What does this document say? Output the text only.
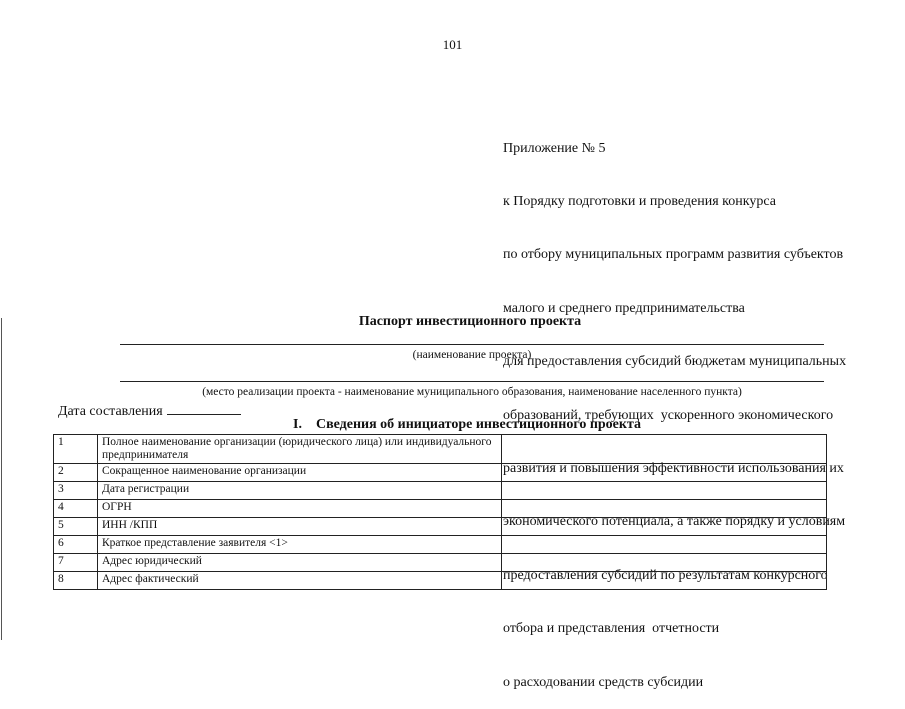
101

Приложение № 5

к Порядку подготовки и проведения конкурса

по отбору муниципальных программ развития субъектов

малого и среднего предпринимательства

для предоставления субсидий бюджетам муниципальных

образований, требующих  ускоренного экономического

развития и повышения эффективности использования их

экономического потенциала, а также порядку и условиям

предоставления субсидий по результатам конкурсного

отбора и представления  отчетности

о расходовании средств субсидии

Паспорт инвестиционного проекта
(наименование проекта)
(место реализации проекта - наименование муниципального образования, наименование населенного пункта)
Дата составления
I. Сведения об инициаторе инвестиционного проекта
1	Полное наименование организации (юридического лица) или индивидуального предпринимателя	
2	Сокращенное наименование организации	
3	Дата регистрации	
4	ОГРН	
5	ИНН /КПП	
6	Краткое представление заявителя <1>	
7	Адрес юридический	
8	Адрес фактический	
